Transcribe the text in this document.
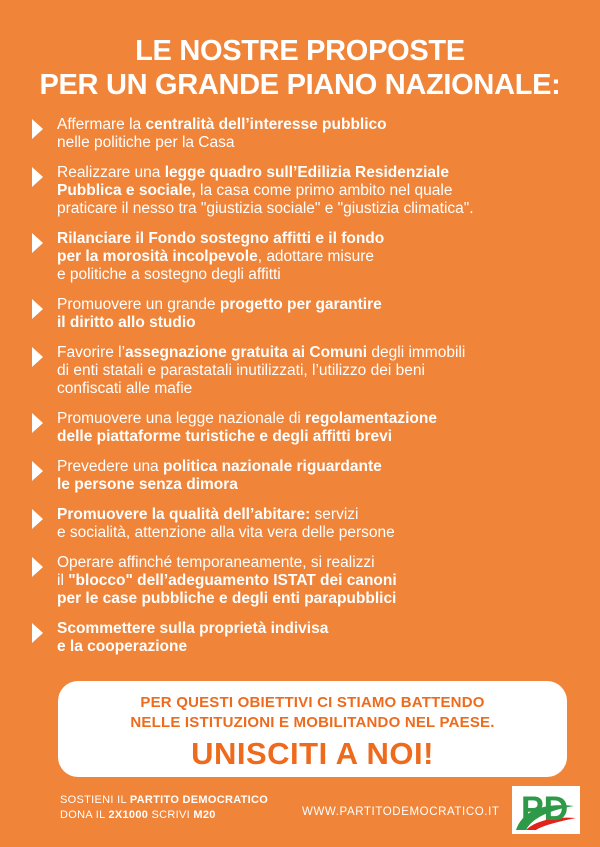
LE NOSTRE PROPOSTE
PER UN GRANDE PIANO NAZIONALE:
Affermare la centralità dell’interesse pubblico
nelle politiche per la Casa
Realizzare una legge quadro sull’Edilizia Residenziale
Pubblica e sociale, la casa come primo ambito nel quale
praticare il nesso tra "giustizia sociale" e "giustizia climatica".
Rilanciare il Fondo sostegno affitti e il fondo
per la morosità incolpevole, adottare misure
e politiche a sostegno degli affitti
Promuovere un grande progetto per garantire
il diritto allo studio
Favorire l’assegnazione gratuita ai Comuni degli immobili
di enti statali e parastatali inutilizzati, l’utilizzo dei beni
confiscati alle mafie
Promuovere una legge nazionale di regolamentazione
delle piattaforme turistiche e degli affitti brevi
Prevedere una politica nazionale riguardante
le persone senza dimora
Promuovere la qualità dell’abitare: servizi
e socialità, attenzione alla vita vera delle persone
Operare affinché temporaneamente, si realizzi
il "blocco" dell’adeguamento ISTAT dei canoni
per le case pubbliche e degli enti parapubblici
Scommettere sulla proprietà indivisa
e la cooperazione
PER QUESTI OBIETTIVI CI STIAMO BATTENDO
NELLE ISTITUZIONI E MOBILITANDO NEL PAESE.
UNISCITI A NOI!
SOSTIENI IL PARTITO DEMOCRATICO
DONA IL 2X1000 SCRIVI M20	WWW.PARTITODEMOCRATICO.IT PD
